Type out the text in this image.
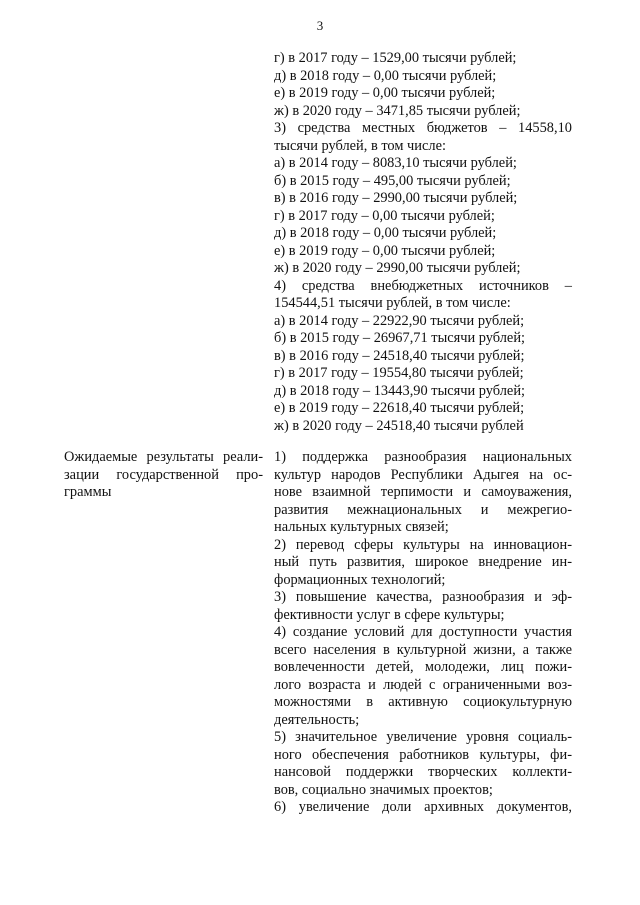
3
г) в 2017 году – 1529,00 тысячи рублей;
д) в 2018 году – 0,00 тысячи рублей;
е) в 2019 году – 0,00 тысячи рублей;
ж) в 2020 году – 3471,85 тысячи рублей;
3) средства местных бюджетов – 14558,10
тысячи рублей, в том числе:
а) в 2014 году – 8083,10 тысячи рублей;
б) в 2015 году – 495,00 тысячи рублей;
в) в 2016 году – 2990,00 тысячи рублей;
г) в 2017 году – 0,00 тысячи рублей;
д) в 2018 году – 0,00 тысячи рублей;
е) в 2019 году – 0,00 тысячи рублей;
ж) в 2020 году – 2990,00 тысячи рублей;
4) средства внебюджетных источников –
154544,51 тысячи рублей, в том числе:
а) в 2014 году – 22922,90 тысячи рублей;
б) в 2015 году – 26967,71 тысячи рублей;
в) в 2016 году – 24518,40 тысячи рублей;
г) в 2017 году – 19554,80 тысячи рублей;
д) в 2018 году – 13443,90 тысячи рублей;
е) в 2019 году – 22618,40 тысячи рублей;
ж) в 2020 году – 24518,40 тысячи рублей
Ожидаемые результаты реали-
зации государственной про-
граммы
1) поддержка разнообразия национальных
культур народов Республики Адыгея на ос-
нове взаимной терпимости и самоуважения,
развития межнациональных и межрегио-
нальных культурных связей;
2) перевод сферы культуры на инновацион-
ный путь развития, широкое внедрение ин-
формационных технологий;
3) повышение качества, разнообразия и эф-
фективности услуг в сфере культуры;
4) создание условий для доступности участия
всего населения в культурной жизни, а также
вовлеченности детей, молодежи, лиц пожи-
лого возраста и людей с ограниченными воз-
можностями в активную социокультурную
деятельность;
5) значительное увеличение уровня социаль-
ного обеспечения работников культуры, фи-
нансовой поддержки творческих коллекти-
вов, социально значимых проектов;
6) увеличение доли архивных документов,
